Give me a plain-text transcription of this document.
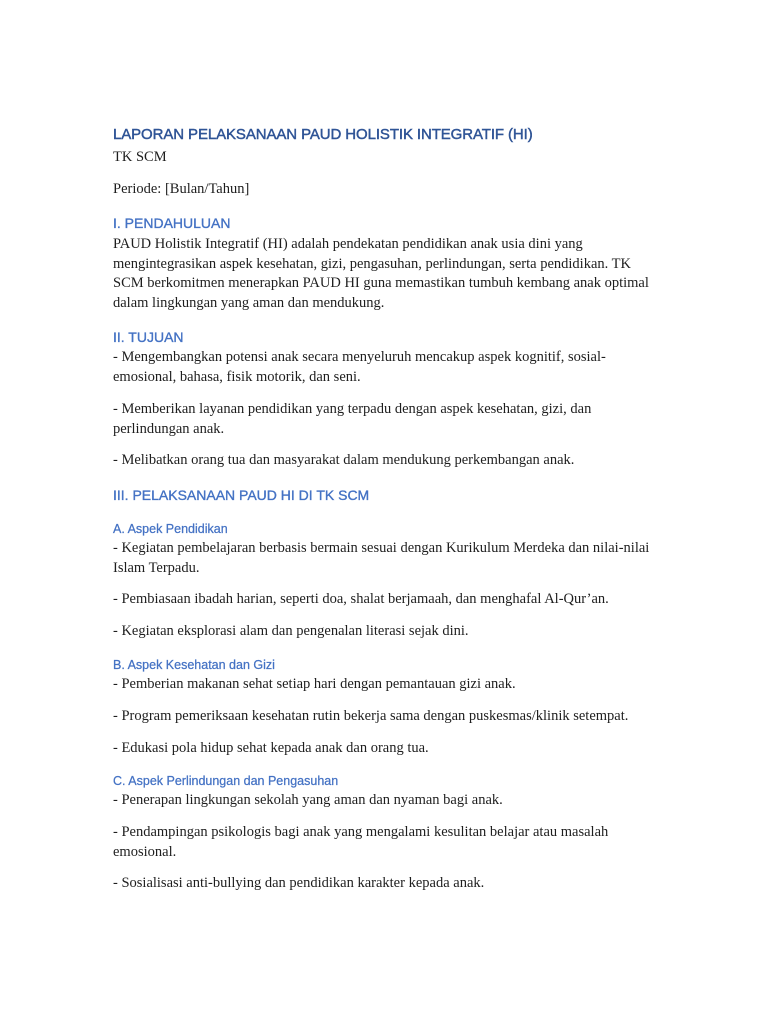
LAPORAN PELAKSANAAN PAUD HOLISTIK INTEGRATIF (HI)
TK SCM
Periode: [Bulan/Tahun]
I. PENDAHULUAN
PAUD Holistik Integratif (HI) adalah pendekatan pendidikan anak usia dini yang
mengintegrasikan aspek kesehatan, gizi, pengasuhan, perlindungan, serta pendidikan. TK
SCM berkomitmen menerapkan PAUD HI guna memastikan tumbuh kembang anak optimal
dalam lingkungan yang aman dan mendukung.
II. TUJUAN
- Mengembangkan potensi anak secara menyeluruh mencakup aspek kognitif, sosial-
emosional, bahasa, fisik motorik, dan seni.
- Memberikan layanan pendidikan yang terpadu dengan aspek kesehatan, gizi, dan
perlindungan anak.
- Melibatkan orang tua dan masyarakat dalam mendukung perkembangan anak.
III. PELAKSANAAN PAUD HI DI TK SCM
A. Aspek Pendidikan
- Kegiatan pembelajaran berbasis bermain sesuai dengan Kurikulum Merdeka dan nilai-nilai
Islam Terpadu.
- Pembiasaan ibadah harian, seperti doa, shalat berjamaah, dan menghafal Al-Qur’an.
- Kegiatan eksplorasi alam dan pengenalan literasi sejak dini.
B. Aspek Kesehatan dan Gizi
- Pemberian makanan sehat setiap hari dengan pemantauan gizi anak.
- Program pemeriksaan kesehatan rutin bekerja sama dengan puskesmas/klinik setempat.
- Edukasi pola hidup sehat kepada anak dan orang tua.
C. Aspek Perlindungan dan Pengasuhan
- Penerapan lingkungan sekolah yang aman dan nyaman bagi anak.
- Pendampingan psikologis bagi anak yang mengalami kesulitan belajar atau masalah
emosional.
- Sosialisasi anti-bullying dan pendidikan karakter kepada anak.
